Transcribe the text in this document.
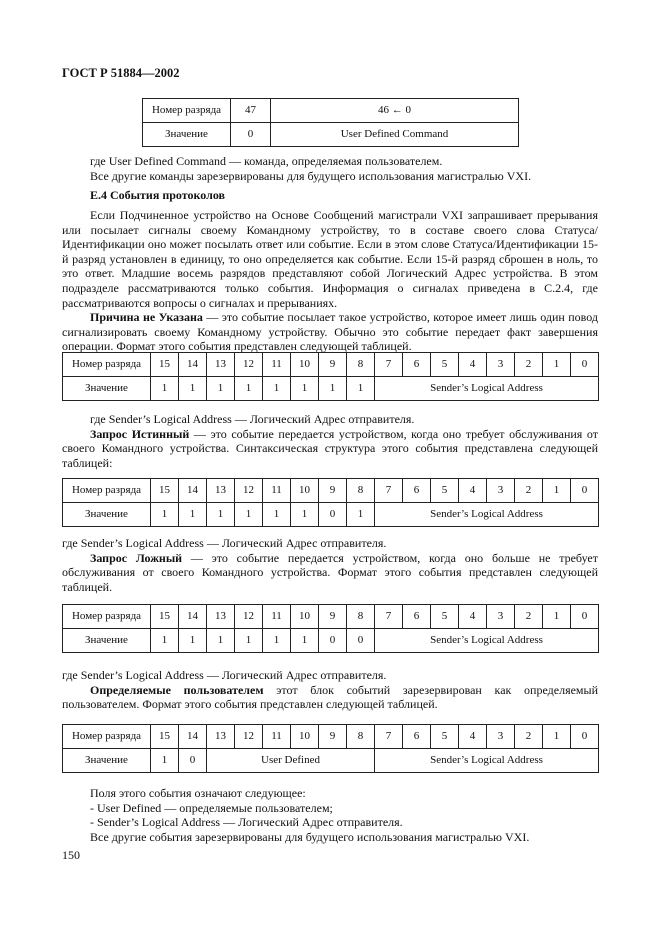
ГОСТ Р 51884—2002
Номер разряда	47	46 ← 0
Значение	0	User Defined Command

где User Defined Command — команда, определяемая пользователем.

Все другие команды зарезервированы для будущего использования магистралью VXI.

E.4 События протоколов

Если Подчиненное устройство на Основе Сообщений магистрали VXI запрашивает прерывания или посылает сигналы своему Командному устройству, то в составе своего слова Статуса/Идентификации оно может посылать ответ или событие. Если в этом слове Статуса/Идентификации 15-й разряд установлен в единицу, то оно определяется как событие. Если 15-й разряд сброшен в ноль, то это ответ. Младшие восемь разрядов представляют собой Логический Адрес устройства. В этом подразделе рассматриваются только события. Информация о сигналах приведена в С.2.4, где рассматриваются вопросы о сигналах и прерываниях.

Причина не Указана — это событие посылает такое устройство, которое имеет лишь один повод сигнализировать своему Командному устройству. Обычно это событие передает факт завершения операции. Формат этого события представлен следующей таблицей.

Номер разряда	15	14	13	12	11	10	9	8	7	6	5	4	3	2	1	0
Значение	1	1	1	1	1	1	1	1	Sender’s Logical Address							

где Sender’s Logical Address — Логический Адрес отправителя.

Запрос Истинный — это событие передается устройством, когда оно требует обслуживания от своего Командного устройства. Синтаксическая структура этого события представлена следующей таблицей:

Номер разряда	15	14	13	12	11	10	9	8	7	6	5	4	3	2	1	0
Значение	1	1	1	1	1	1	0	1	Sender’s Logical Address							

где Sender’s Logical Address — Логический Адрес отправителя.

Запрос Ложный — это событие передается устройством, когда оно больше не требует обслуживания от своего Командного устройства. Формат этого события представлен следующей таблицей.

Номер разряда	15	14	13	12	11	10	9	8	7	6	5	4	3	2	1	0
Значение	1	1	1	1	1	1	0	0	Sender’s Logical Address							

где Sender’s Logical Address — Логический Адрес отправителя.

Определяемые пользователем этот блок событий зарезервирован как определяемый пользователем. Формат этого события представлен следующей таблицей.

Номер разряда	15	14	13	12	11	10	9	8	7	6	5	4	3	2	1	0
Значение	1	0	User Defined						Sender’s Logical Address							

Поля этого события означают следующее:

- User Defined — определяемые пользователем;

- Sender’s Logical Address — Логический Адрес отправителя.

Все другие события зарезервированы для будущего использования магистралью VXI.

150
